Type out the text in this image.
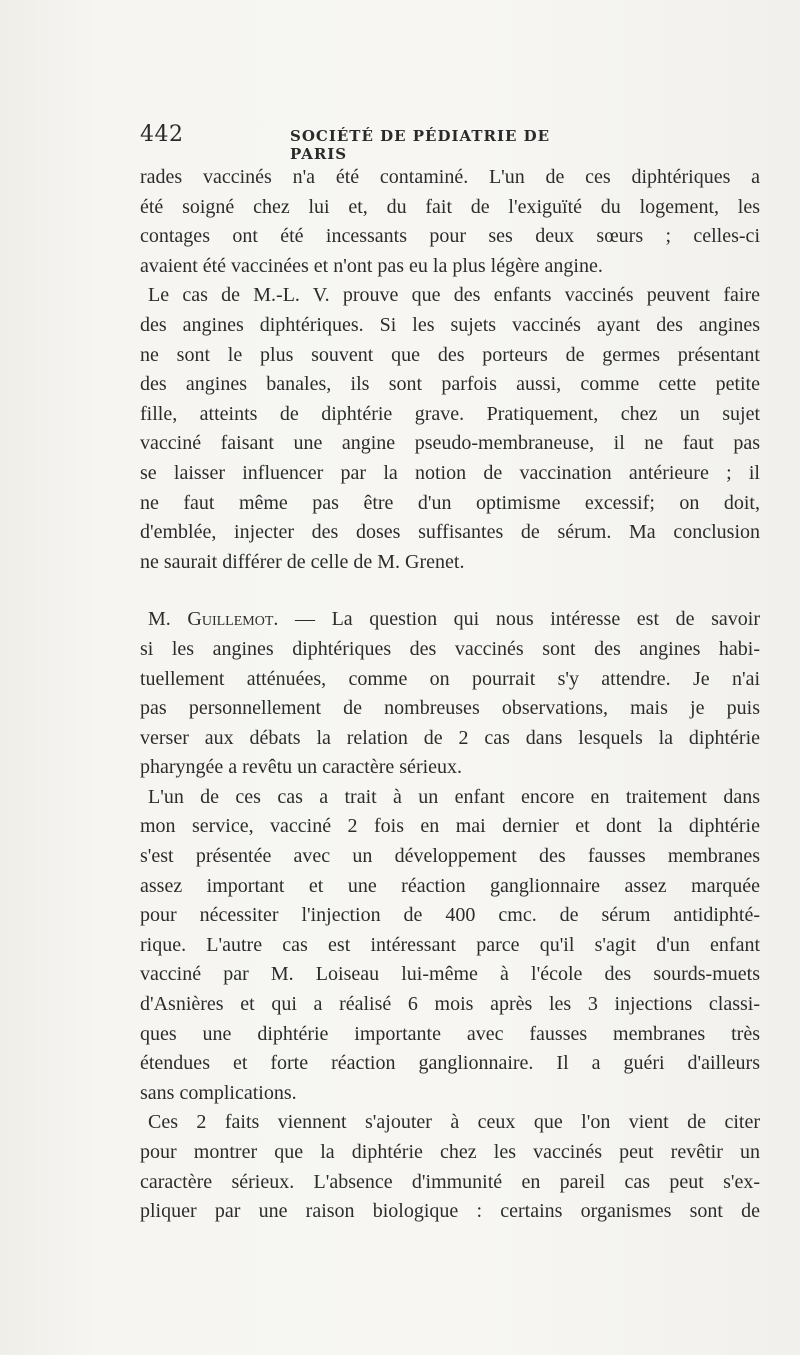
442	SOCIÉTÉ DE PÉDIATRIE DE PARIS
rades vaccinés n'a été contaminé. L'un de ces diphtériques a
été soigné chez lui et, du fait de l'exiguïté du logement, les
contages ont été incessants pour ses deux sœurs ; celles-ci
avaient été vaccinées et n'ont pas eu la plus légère angine.
Le cas de M.-L. V. prouve que des enfants vaccinés peuvent faire
des angines diphtériques. Si les sujets vaccinés ayant des angines
ne sont le plus souvent que des porteurs de germes présentant
des angines banales, ils sont parfois aussi, comme cette petite
fille, atteints de diphtérie grave. Pratiquement, chez un sujet
vacciné faisant une angine pseudo-membraneuse, il ne faut pas
se laisser influencer par la notion de vaccination antérieure ; il
ne faut même pas être d'un optimisme excessif; on doit,
d'emblée, injecter des doses suffisantes de sérum. Ma conclusion
ne saurait différer de celle de M. Grenet.
M. Guillemot. — La question qui nous intéresse est de savoir
si les angines diphtériques des vaccinés sont des angines habi-
tuellement atténuées, comme on pourrait s'y attendre. Je n'ai
pas personnellement de nombreuses observations, mais je puis
verser aux débats la relation de 2 cas dans lesquels la diphtérie
pharyngée a revêtu un caractère sérieux.
L'un de ces cas a trait à un enfant encore en traitement dans
mon service, vacciné 2 fois en mai dernier et dont la diphtérie
s'est présentée avec un développement des fausses membranes
assez important et une réaction ganglionnaire assez marquée
pour nécessiter l'injection de 400 cmc. de sérum antidiphté-
rique. L'autre cas est intéressant parce qu'il s'agit d'un enfant
vacciné par M. Loiseau lui-même à l'école des sourds-muets
d'Asnières et qui a réalisé 6 mois après les 3 injections classi-
ques une diphtérie importante avec fausses membranes très
étendues et forte réaction ganglionnaire. Il a guéri d'ailleurs
sans complications.
Ces 2 faits viennent s'ajouter à ceux que l'on vient de citer
pour montrer que la diphtérie chez les vaccinés peut revêtir un
caractère sérieux. L'absence d'immunité en pareil cas peut s'ex-
pliquer par une raison biologique : certains organismes sont de
